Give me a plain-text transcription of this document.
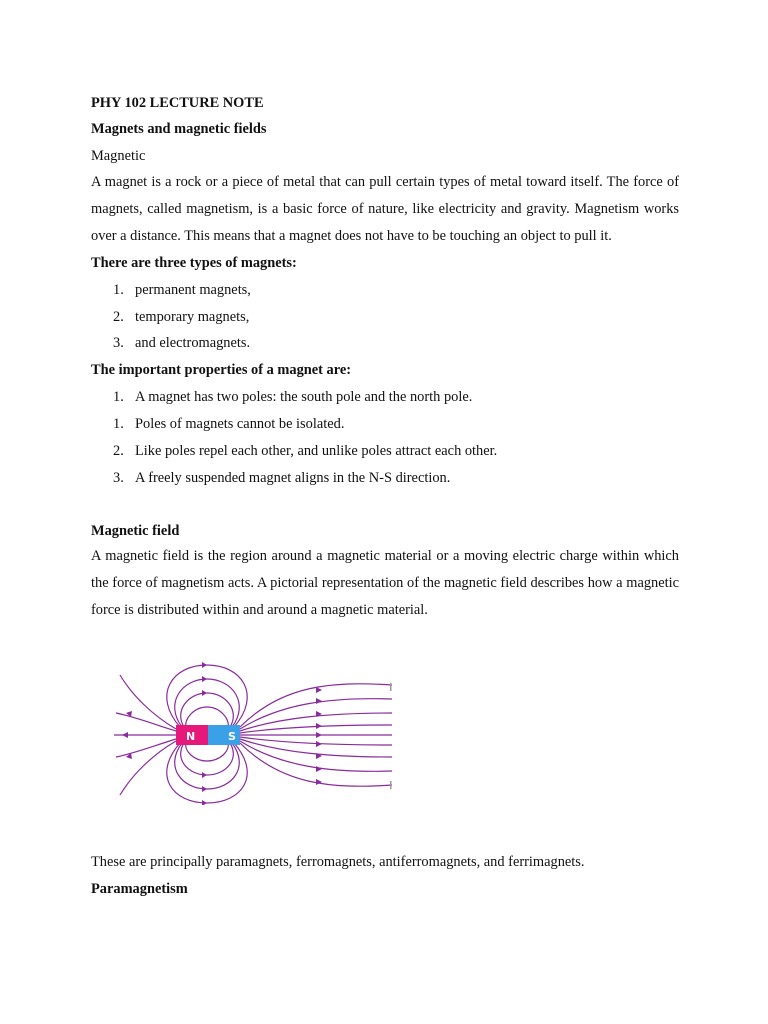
PHY 102 LECTURE NOTE
Magnets and magnetic fields
Magnetic
A magnet is a rock or a piece of metal that can pull certain types of metal toward itself. The force of magnets, called magnetism, is a basic force of nature, like electricity and gravity. Magnetism works over a distance. This means that a magnet does not have to be touching an object to pull it.
There are three types of magnets:
1. permanent magnets,
2. temporary magnets,
3. and electromagnets.
The important properties of a magnet are:
1. A magnet has two poles: the south pole and the north pole.
1. Poles of magnets cannot be isolated.
2. Like poles repel each other, and unlike poles attract each other.
3. A freely suspended magnet aligns in the N-S direction.
Magnetic field
A magnetic field is the region around a magnetic material or a moving electric charge within which the force of magnetism acts. A pictorial representation of the magnetic field describes how a magnetic force is distributed within and around a magnetic material.
N	S
These are principally paramagnets, ferromagnets, antiferromagnets, and ferrimagnets.
Paramagnetism
